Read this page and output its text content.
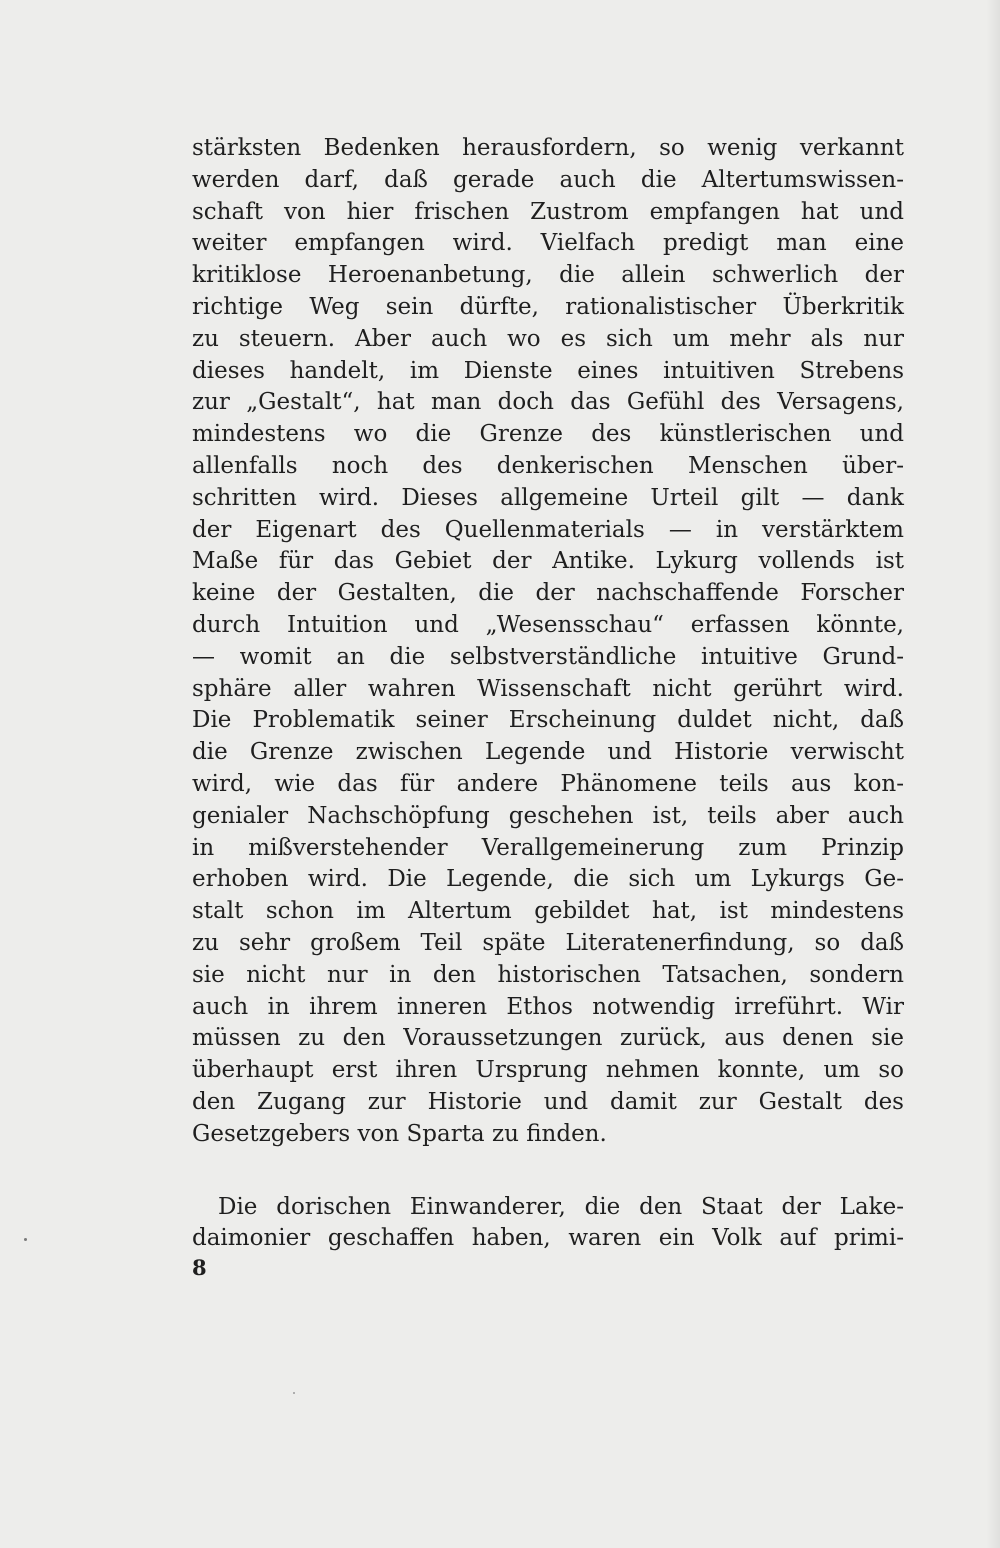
stärksten Bedenken herausfordern, so wenig verkannt

werden darf, daß gerade auch die Altertumswissen-

schaft von hier frischen Zustrom empfangen hat und

weiter empfangen wird. Vielfach predigt man eine

kritiklose Heroenanbetung, die allein schwerlich der

richtige Weg sein dürfte, rationalistischer Überkritik

zu steuern. Aber auch wo es sich um mehr als nur

dieses handelt, im Dienste eines intuitiven Strebens

zur „Gestalt“, hat man doch das Gefühl des Versagens,

mindestens wo die Grenze des künstlerischen und

allenfalls noch des denkerischen Menschen über-

schritten wird. Dieses allgemeine Urteil gilt — dank

der Eigenart des Quellenmaterials — in verstärktem

Maße für das Gebiet der Antike. Lykurg vollends ist

keine der Gestalten, die der nachschaffende Forscher

durch Intuition und „Wesensschau“ erfassen könnte,

— womit an die selbstverständliche intuitive Grund-

sphäre aller wahren Wissenschaft nicht gerührt wird.

Die Problematik seiner Erscheinung duldet nicht, daß

die Grenze zwischen Legende und Historie verwischt

wird, wie das für andere Phänomene teils aus kon-

genialer Nachschöpfung geschehen ist, teils aber auch

in mißverstehender Verallgemeinerung zum Prinzip

erhoben wird. Die Legende, die sich um Lykurgs Ge-

stalt schon im Altertum gebildet hat, ist mindestens

zu sehr großem Teil späte Literatenerfindung, so daß

sie nicht nur in den historischen Tatsachen, sondern

auch in ihrem inneren Ethos notwendig irreführt. Wir

müssen zu den Voraussetzungen zurück, aus denen sie

überhaupt erst ihren Ursprung nehmen konnte, um so

den Zugang zur Historie und damit zur Gestalt des

Gesetzgebers von Sparta zu finden.

Die dorischen Einwanderer, die den Staat der Lake-

daimonier geschaffen haben, waren ein Volk auf primi-

8
